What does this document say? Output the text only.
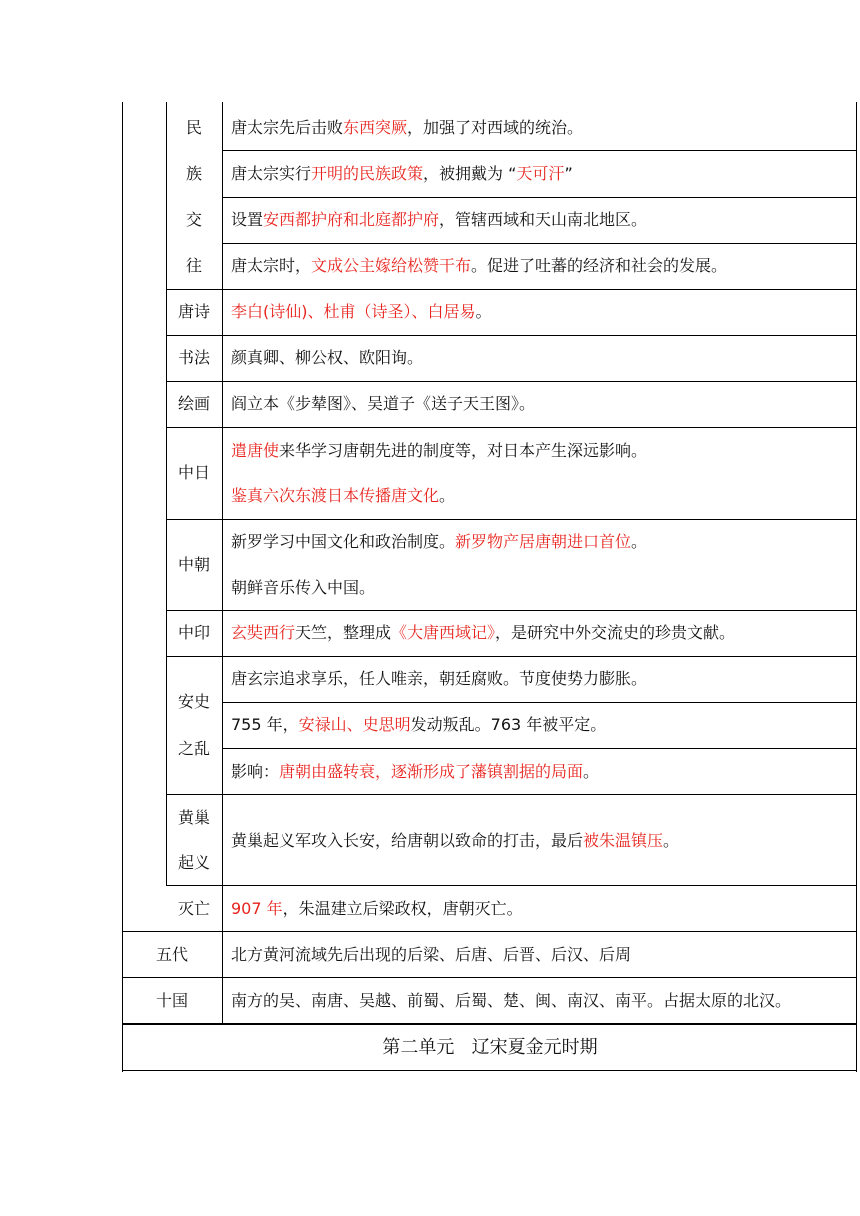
民
族
交
往
唐诗
书法
绘画
中日
中朝
中印
安史
之乱
黄巢
起义
灭亡
五代
十国
唐太宗先后击败东西突厥，加强了对西域的统治。
唐太宗实行开明的民族政策，被拥戴为 “天可汗”
设置安西都护府和北庭都护府，管辖西域和天山南北地区。
唐太宗时，文成公主嫁给松赞干布。促进了吐蕃的经济和社会的发展。
李白(诗仙)、杜甫（诗圣）、白居易。
颜真卿、柳公权、欧阳询。
阎立本《步辇图》、吴道子《送子天王图》。
遣唐使来华学习唐朝先进的制度等，对日本产生深远影响。
鉴真六次东渡日本传播唐文化。
新罗学习中国文化和政治制度。新罗物产居唐朝进口首位。
朝鲜音乐传入中国。
玄奘西行天竺，整理成《大唐西域记》，是研究中外交流史的珍贵文献。
唐玄宗追求享乐，任人唯亲，朝廷腐败。节度使势力膨胀。
755 年，安禄山、史思明发动叛乱。763 年被平定。
影响：唐朝由盛转衰，逐渐形成了藩镇割据的局面。
黄巢起义军攻入长安，给唐朝以致命的打击，最后被朱温镇压。
907 年，朱温建立后梁政权，唐朝灭亡。
北方黄河流域先后出现的后梁、后唐、后晋、后汉、后周
南方的吴、南唐、吴越、前蜀、后蜀、楚、闽、南汉、南平。占据太原的北汉。
第二单元   辽宋夏金元时期
